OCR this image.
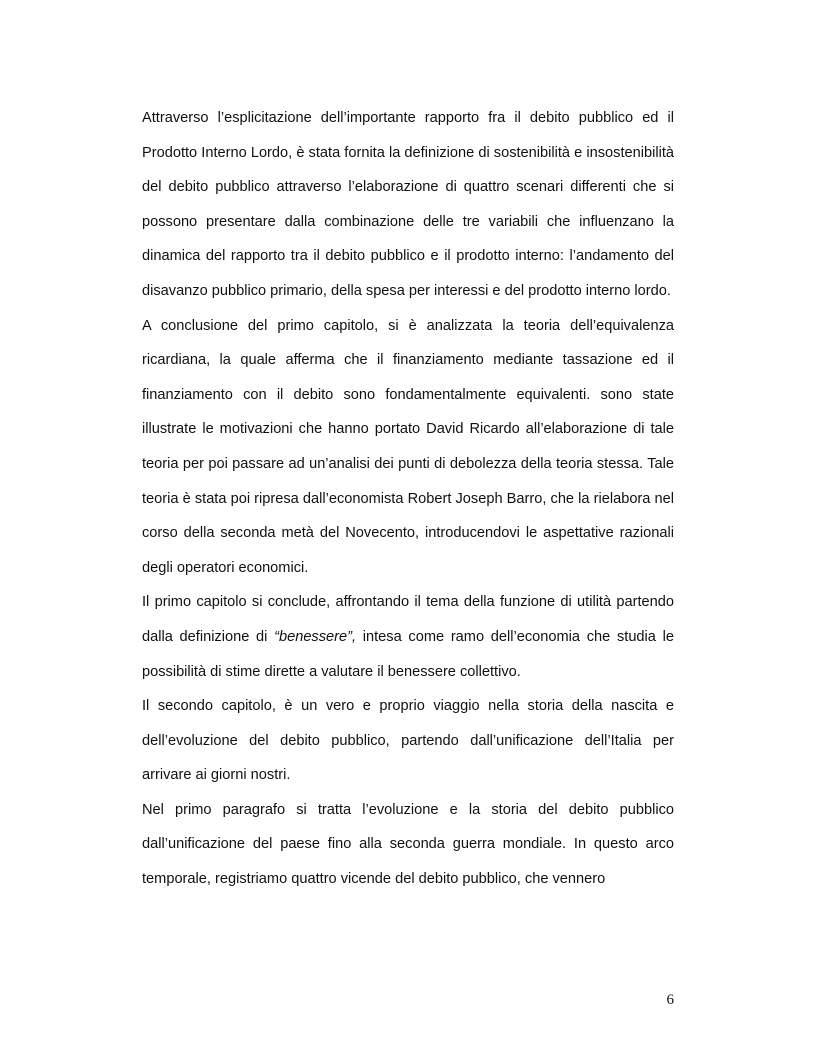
Attraverso l’esplicitazione dell’importante rapporto fra il debito pubblico ed il Prodotto Interno Lordo, è stata fornita la definizione di sostenibilità e insostenibilità del debito pubblico attraverso l’elaborazione di quattro scenari differenti che si possono presentare dalla combinazione delle tre variabili che influenzano la dinamica del rapporto tra il debito pubblico e il prodotto interno: l’andamento del disavanzo pubblico primario, della spesa per interessi e del prodotto interno lordo.

A conclusione del primo capitolo, si è analizzata la teoria dell’equivalenza ricardiana, la quale afferma che il finanziamento mediante tassazione ed il finanziamento con il debito sono fondamentalmente equivalenti. sono state illustrate le motivazioni che hanno portato David Ricardo all’elaborazione di tale teoria per poi passare ad un’analisi dei punti di debolezza della teoria stessa. Tale teoria è stata poi ripresa dall’economista Robert Joseph Barro, che la rielabora nel corso della seconda metà del Novecento, introducendovi le aspettative razionali degli operatori economici.

Il primo capitolo si conclude, affrontando il tema della funzione di utilità partendo dalla definizione di “benessere”, intesa come ramo dell’economia che studia le possibilità di stime dirette a valutare il benessere collettivo.

Il secondo capitolo, è un vero e proprio viaggio nella storia della nascita e dell’evoluzione del debito pubblico, partendo dall’unificazione dell’Italia per arrivare ai giorni nostri.

Nel primo paragrafo si tratta l’evoluzione e la storia del debito pubblico dall’unificazione del paese fino alla seconda guerra mondiale. In questo arco temporale, registriamo quattro vicende del debito pubblico, che vennero

6
